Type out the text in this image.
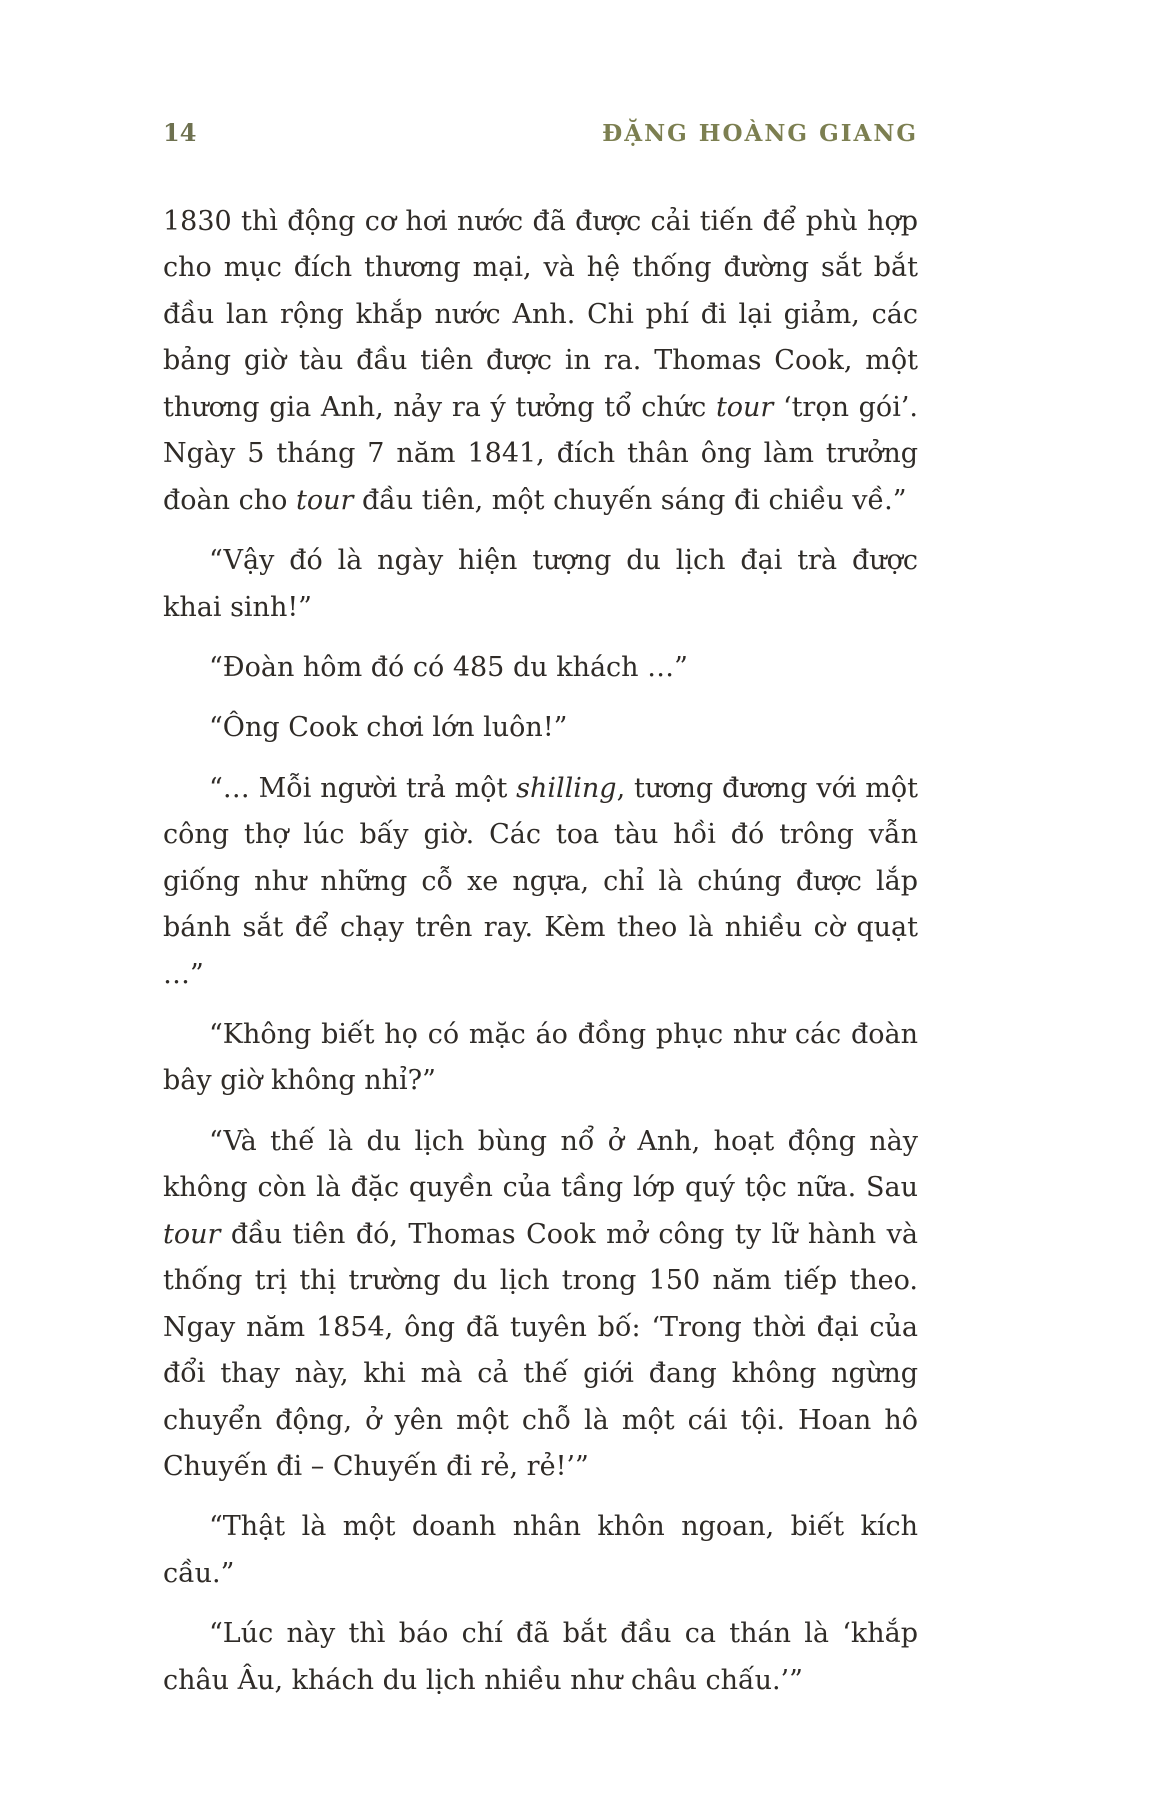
14	ĐẶNG HOÀNG GIANG

1830 thì động cơ hơi nước đã được cải tiến để phù hợp cho mục đích thương mại, và hệ thống đường sắt bắt đầu lan rộng khắp nước Anh. Chi phí đi lại giảm, các bảng giờ tàu đầu tiên được in ra. Thomas Cook, một thương gia Anh, nảy ra ý tưởng tổ chức tour ‘trọn gói’. Ngày 5 tháng 7 năm 1841, đích thân ông làm trưởng đoàn cho tour đầu tiên, một chuyến sáng đi chiều về.”

“Vậy đó là ngày hiện tượng du lịch đại trà được khai sinh!”

“Đoàn hôm đó có 485 du khách …”

“Ông Cook chơi lớn luôn!”

“… Mỗi người trả một shilling, tương đương với một công thợ lúc bấy giờ. Các toa tàu hồi đó trông vẫn giống như những cỗ xe ngựa, chỉ là chúng được lắp bánh sắt để chạy trên ray. Kèm theo là nhiều cờ quạt …”

“Không biết họ có mặc áo đồng phục như các đoàn bây giờ không nhỉ?”

“Và thế là du lịch bùng nổ ở Anh, hoạt động này không còn là đặc quyền của tầng lớp quý tộc nữa. Sau tour đầu tiên đó, Thomas Cook mở công ty lữ hành và thống trị thị trường du lịch trong 150 năm tiếp theo. Ngay năm 1854, ông đã tuyên bố: ‘Trong thời đại của đổi thay này, khi mà cả thế giới đang không ngừng chuyển động, ở yên một chỗ là một cái tội. Hoan hô Chuyến đi – Chuyến đi rẻ, rẻ!’”

“Thật là một doanh nhân khôn ngoan, biết kích cầu.”

“Lúc này thì báo chí đã bắt đầu ca thán là ‘khắp châu Âu, khách du lịch nhiều như châu chấu.’”
